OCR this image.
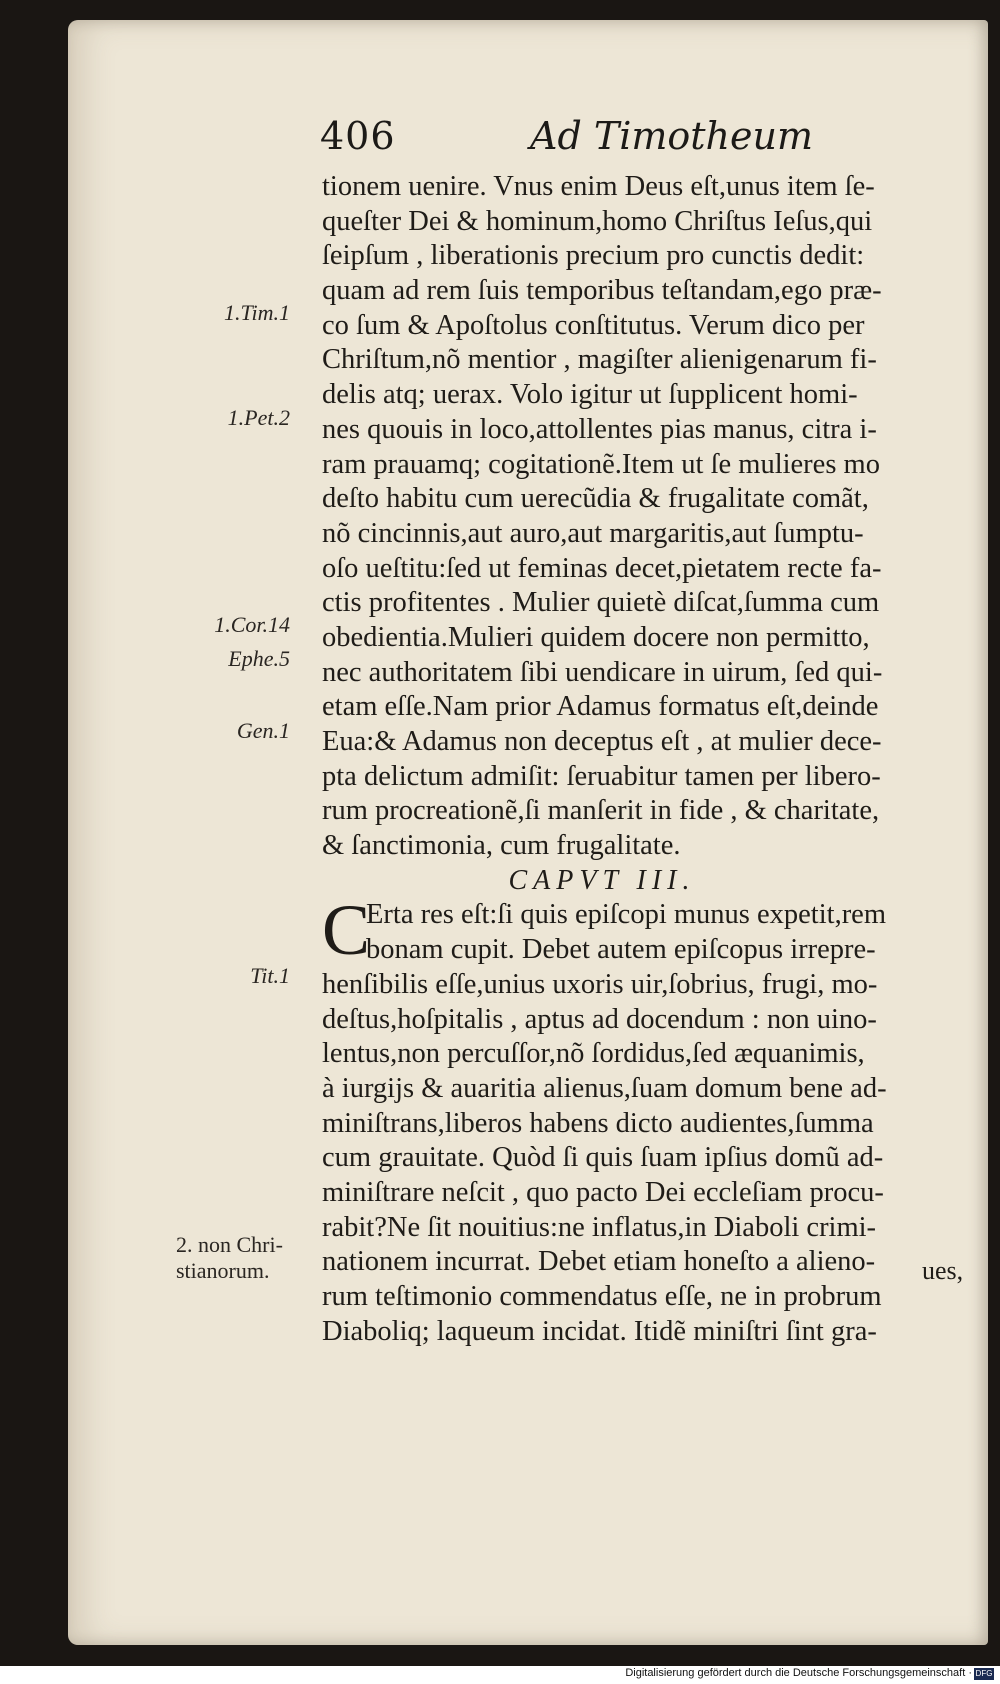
406	Ad Timotheum
1.Tim.1
1.Pet.2
1.Cor.14
Ephe.5
Gen.1
Tit.1
2. non Chri-
stianorum.
tionem uenire. Vnus enim Deus eſt,unus item ſe-
queſter Dei & hominum,homo Chriſtus Ieſus,qui
ſeipſum , liberationis precium pro cunctis dedit:
quam ad rem ſuis temporibus teſtandam,ego præ-
co ſum & Apoſtolus conſtitutus. Verum dico per
Chriſtum,nõ mentior , magiſter alienigenarum fi-
delis atq; uerax. Volo igitur ut ſupplicent homi-
nes quouis in loco,attollentes pias manus, citra i-
ram prauamq; cogitationẽ.Item ut ſe mulieres mo
deſto habitu cum uerecũdia & frugalitate comãt,
nõ cincinnis,aut auro,aut margaritis,aut ſumptu-
oſo ueſtitu:ſed ut feminas decet,pietatem recte fa-
ctis profitentes . Mulier quietè diſcat,ſumma cum
obedientia.Mulieri quidem docere non permitto,
nec authoritatem ſibi uendicare in uirum, ſed qui-
etam eſſe.Nam prior Adamus formatus eſt,deinde
Eua:& Adamus non deceptus eſt , at mulier dece-
pta delictum admiſit: ſeruabitur tamen per libero-
rum procreationẽ,ſi manſerit in fide , & charitate,
& ſanctimonia, cum frugalitate.
CAPVT III.
C
Erta res eſt:ſi quis epiſcopi munus expetit,rem
bonam cupit. Debet autem epiſcopus irrepre-
henſibilis eſſe,unius uxoris uir,ſobrius, frugi, mo-
deſtus,hoſpitalis , aptus ad docendum : non uino-
lentus,non percuſſor,nõ ſordidus,ſed æquanimis,
à iurgijs & auaritia alienus,ſuam domum bene ad-
miniſtrans,liberos habens dicto audientes,ſumma
cum grauitate. Quòd ſi quis ſuam ipſius domũ ad-
miniſtrare neſcit , quo pacto Dei eccleſiam procu-
rabit?Ne ſit nouitius:ne inflatus,in Diaboli crimi-
nationem incurrat. Debet etiam honeſto a alieno-
rum teſtimonio commendatus eſſe, ne in probrum
Diaboliq; laqueum incidat. Itidẽ miniſtri ſint gra-
ues,
Digitalisierung gefördert durch die Deutsche Forschungsgemeinschaft · DFG
